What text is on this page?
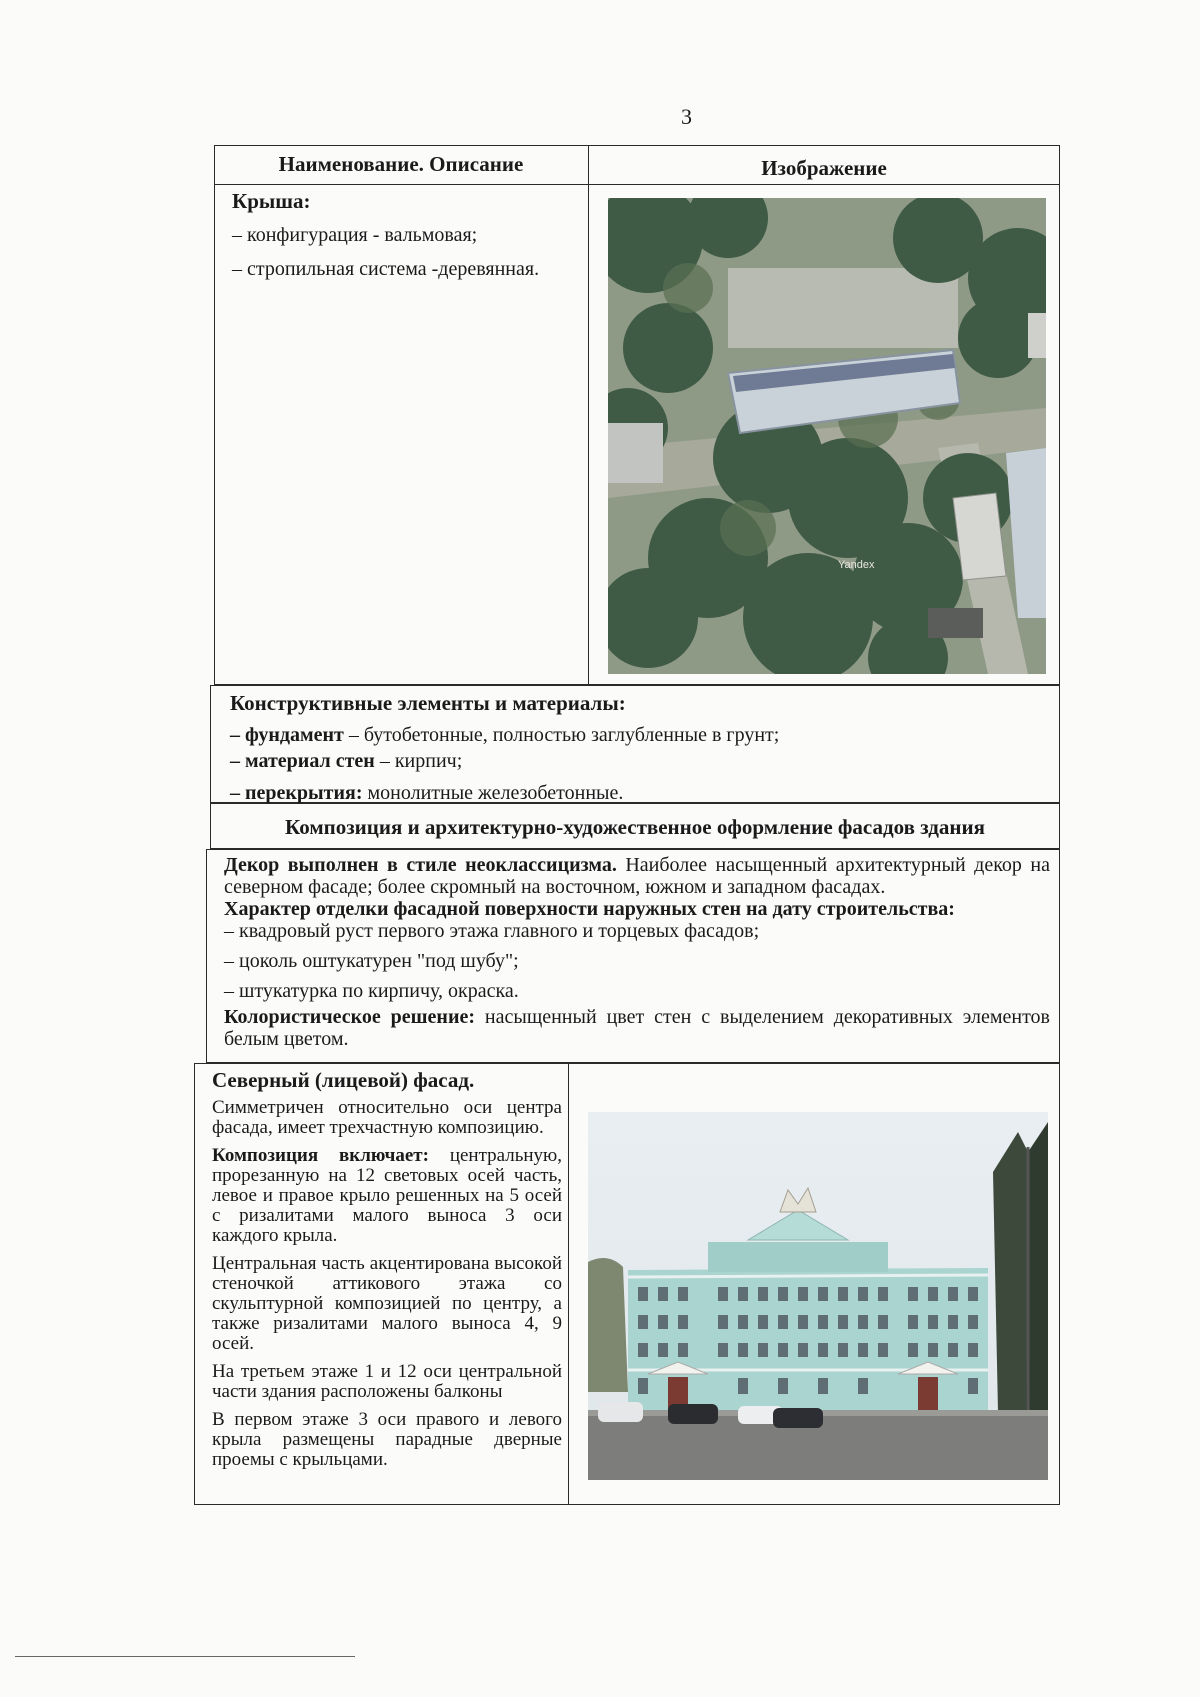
3
Наименование. Описание	Изображение
Крыша:
– конфигурация - вальмовая;
– стропильная система -деревянная.
Yandex
Конструктивные элементы и материалы:
– фундамент – бутобетонные, полностью заглубленные в грунт;
– материал стен – кирпич;
– перекрытия: монолитные железобетонные.
Композиция и архитектурно-художественное оформление фасадов здания
Декор выполнен в стиле неоклассицизма. Наиболее насыщенный архитектурный декор на северном фасаде; более скромный на восточном, южном и западном фасадах.
Характер отделки фасадной поверхности наружных стен на дату строительства:
– квадровый руст первого этажа главного и торцевых фасадов;
– цоколь оштукатурен "под шубу";
– штукатурка по кирпичу, окраска.
Колористическое решение: насыщенный цвет стен с выделением декоративных элементов белым цветом.
Северный (лицевой) фасад.
Симметричен относительно оси центра фасада, имеет трехчастную композицию.
Композиция включает: центральную, прорезанную на 12 световых осей часть, левое и правое крыло решенных на 5 осей с ризалитами малого выноса 3 оси каждого крыла.
Центральная часть акцентирована высокой стеночкой аттикового этажа со скульптурной композицией по центру, а также ризалитами малого выноса 4, 9 осей.
На третьем этаже 1 и 12 оси центральной части здания расположены балконы
В первом этаже 3 оси правого и левого крыла размещены парадные дверные проемы с крыльцами.
